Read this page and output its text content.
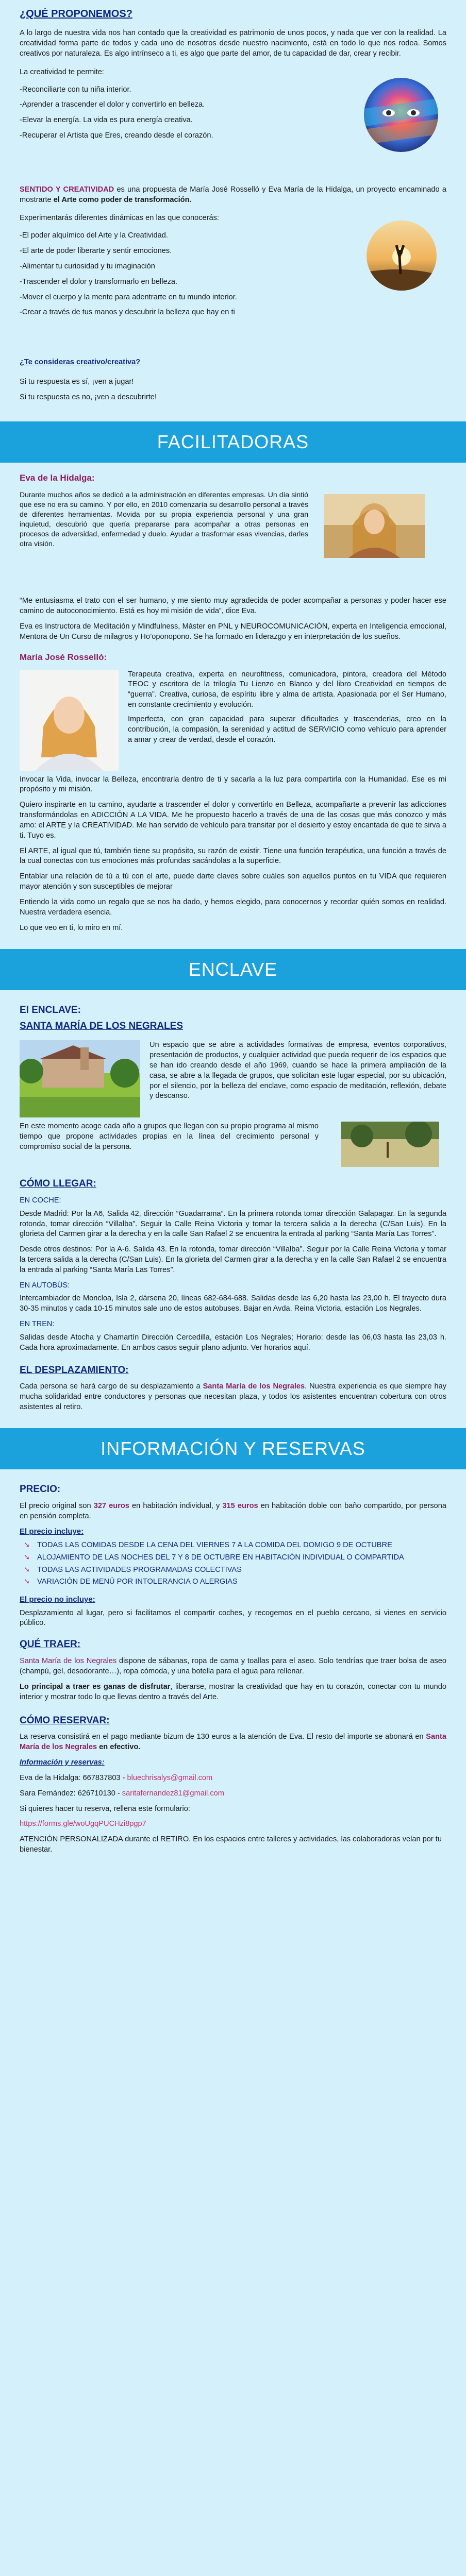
¿QUÉ PROPONEMOS?

A lo largo de nuestra vida nos han contado que la creatividad es patrimonio de unos pocos, y nada que ver con la realidad. La creatividad forma parte de todos y cada uno de nosotros desde nuestro nacimiento, está en todo lo que nos rodea. Somos creativos por naturaleza. Es algo intrínseco a ti, es algo que parte del amor, de tu capacidad de dar, crear y recibir.

La creatividad te permite:

-Reconciliarte con tu niña interior.

-Aprender a trascender el dolor y convertirlo en belleza.

-Elevar la energía. La vida es pura energía creativa.

-Recuperar el Artista que Eres, creando desde el corazón.

SENTIDO Y CREATIVIDAD es una propuesta de María José Rosselló y Eva María de la Hidalga, un proyecto encaminado a mostrarte el Arte como poder de transformación.

Experimentarás diferentes dinámicas en las que conocerás:

-El poder alquímico del Arte y la Creatividad.

-El arte de poder liberarte y sentir emociones.

-Alimentar tu curiosidad y tu imaginación

-Trascender el dolor y transformarlo en belleza.

-Mover el cuerpo y la mente para adentrarte en tu mundo interior.

-Crear a través de tus manos y descubrir la belleza que hay en ti

¿Te consideras creativo/creativa?

Si tu respuesta es sí, ¡ven a jugar!

Si tu respuesta es no, ¡ven a descubrirte!

FACILITADORAS
Eva de la Hidalga:

Durante muchos años se dedicó a la administración en diferentes empresas. Un día sintió que ese no era su camino. Y por ello, en 2010 comenzaría su desarrollo personal a través de diferentes herramientas. Movida por su propia experiencia personal y una gran inquietud, descubrió que quería prepararse para acompañar a otras personas en procesos de adversidad, enfermedad y duelo. Ayudar a trasformar esas vivencias, darles otra visión.

“Me entusiasma el trato con el ser humano, y me siento muy agradecida de poder acompañar a personas y poder hacer ese camino de autoconocimiento. Está es hoy mi misión de vida”, dice Eva.

Eva es Instructora de Meditación y Mindfulness, Máster en PNL y NEUROCOMUNICACIÓN, experta en Inteligencia emocional, Mentora de Un Curso de milagros y Ho’oponopono. Se ha formado en liderazgo y en interpretación de los sueños.

María José Rosselló:

Terapeuta creativa, experta en neurofitness, comunicadora, pintora, creadora del Método TEOC y escritora de la trilogía Tu Lienzo en Blanco y del libro Creatividad en tiempos de “guerra”. Creativa, curiosa, de espíritu libre y alma de artista. Apasionada por el Ser Humano, en constante crecimiento y evolución.

Imperfecta, con gran capacidad para superar dificultades y trascenderlas, creo en la contribución, la compasión, la serenidad y actitud de SERVICIO como vehículo para aprender a amar y crear de verdad, desde el corazón.

Invocar la Vida, invocar la Belleza, encontrarla dentro de ti y sacarla a la luz para compartirla con la Humanidad. Ese es mi propósito y mi misión.

Quiero inspirarte en tu camino, ayudarte a trascender el dolor y convertirlo en Belleza, acompañarte a prevenir las adicciones transformándolas en ADICCIÓN A LA VIDA. Me he propuesto hacerlo a través de una de las cosas que más conozco y más amo: el ARTE y la CREATIVIDAD. Me han servido de vehículo para transitar por el desierto y estoy encantada de que te sirva a ti. Tuyo es.

El ARTE, al igual que tú, también tiene su propósito, su razón de existir. Tiene una función terapéutica, una función a través de la cual conectas con tus emociones más profundas sacándolas a la superficie.

Entablar una relación de tú a tú con el arte, puede darte claves sobre cuáles son aquellos puntos en tu VIDA que requieren mayor atención y son susceptibles de mejorar

Entiendo la vida como un regalo que se nos ha dado, y hemos elegido, para conocernos y recordar quién somos en realidad. Nuestra verdadera esencia.

Lo que veo en ti, lo miro en mí.

ENCLAVE
El ENCLAVE:
SANTA MARÍA DE LOS NEGRALES

Un espacio que se abre a actividades formativas de empresa, eventos corporativos, presentación de productos, y cualquier actividad que pueda requerir de los espacios que se han ido creando desde el año 1969, cuando se hace la primera ampliación de la casa, se abre a la llegada de grupos, que solicitan este lugar especial, por su ubicación, por el silencio, por la belleza del enclave, como espacio de meditación, reflexión, debate y descanso.

En este momento acoge cada año a grupos que llegan con su propio programa al mismo tiempo que propone actividades propias en la línea del crecimiento personal y compromiso social de la persona.

CÓMO LLEGAR:
EN COCHE:

Desde Madrid: Por la A6, Salida 42, dirección “Guadarrama”. En la primera rotonda tomar dirección Galapagar. En la segunda rotonda, tomar dirección “Villalba”. Seguir la Calle Reina Victoria y tomar la tercera salida a la derecha (C/San Luis). En la glorieta del Carmen girar a la derecha y en la calle San Rafael 2 se encuentra la entrada al parking “Santa María Las Torres”.

Desde otros destinos: Por la A-6. Salida 43. En la rotonda, tomar dirección “Villalba”. Seguir por la Calle Reina Victoria y tomar la tercera salida a la derecha (C/San Luis). En la glorieta del Carmen girar a la derecha y en la calle San Rafael 2 se encuentra la entrada al parking “Santa María Las Torres”.

EN AUTOBÚS:

Intercambiador de Moncloa, Isla 2, dársena 20, líneas 682-684-688. Salidas desde las 6,20 hasta las 23,00 h. El trayecto dura 30-35 minutos y cada 10-15 minutos sale uno de estos autobuses. Bajar en Avda. Reina Victoria, estación Los Negrales.

EN TREN:

Salidas desde Atocha y Chamartín Dirección Cercedilla, estación Los Negrales; Horario: desde las 06,03 hasta las 23,03 h. Cada hora aproximadamente. En ambos casos seguir plano adjunto. Ver horarios aquí.

EL DESPLAZAMIENTO:

Cada persona se hará cargo de su desplazamiento a Santa María de los Negrales. Nuestra experiencia es que siempre hay mucha solidaridad entre conductores y personas que necesitan plaza, y todos los asistentes encuentran cobertura con otros asistentes al retiro.

INFORMACIÓN Y RESERVAS
PRECIO:

El precio original son 327 euros en habitación individual, y 315 euros en habitación doble con baño compartido, por persona en pensión completa.

El precio incluye:
➘ TODAS LAS COMIDAS DESDE LA CENA DEL VIERNES 7 A LA COMIDA DEL DOMIGO 9 DE OCTUBRE
➘ ALOJAMIENTO DE LAS NOCHES DEL 7 Y 8 DE OCTUBRE EN HABITACIÓN INDIVIDUAL O COMPARTIDA
➘ TODAS LAS ACTIVIDADES PROGRAMADAS COLECTIVAS
➘ VARIACIÓN DE MENÚ POR INTOLERANCIA O ALERGIAS
El precio no incluye:

Desplazamiento al lugar, pero si facilitamos el compartir coches, y recogemos en el pueblo cercano, si vienes en servicio público.

QUÉ TRAER:

Santa María de los Negrales dispone de sábanas, ropa de cama y toallas para el aseo. Solo tendrías que traer bolsa de aseo (champú, gel, desodorante…), ropa cómoda, y una botella para el agua para rellenar.

Lo principal a traer es ganas de disfrutar, liberarse, mostrar la creatividad que hay en tu corazón, conectar con tu mundo interior y mostrar todo lo que llevas dentro a través del Arte.

CÓMO RESERVAR:

La reserva consistirá en el pago mediante bizum de 130 euros a la atención de Eva. El resto del importe se abonará en Santa María de los Negrales en efectivo.

Información y reservas:

Eva de la Hidalga: 667837803 - bluechrisalys@gmail.com

Sara Fernández: 626710130 - saritafernandez81@gmail.com

Si quieres hacer tu reserva, rellena este formulario:

https://forms.gle/woUgqPUCHzi8pgp7

ATENCIÓN PERSONALIZADA durante el RETIRO. En los espacios entre talleres y actividades, las colaboradoras velan por tu bienestar.
